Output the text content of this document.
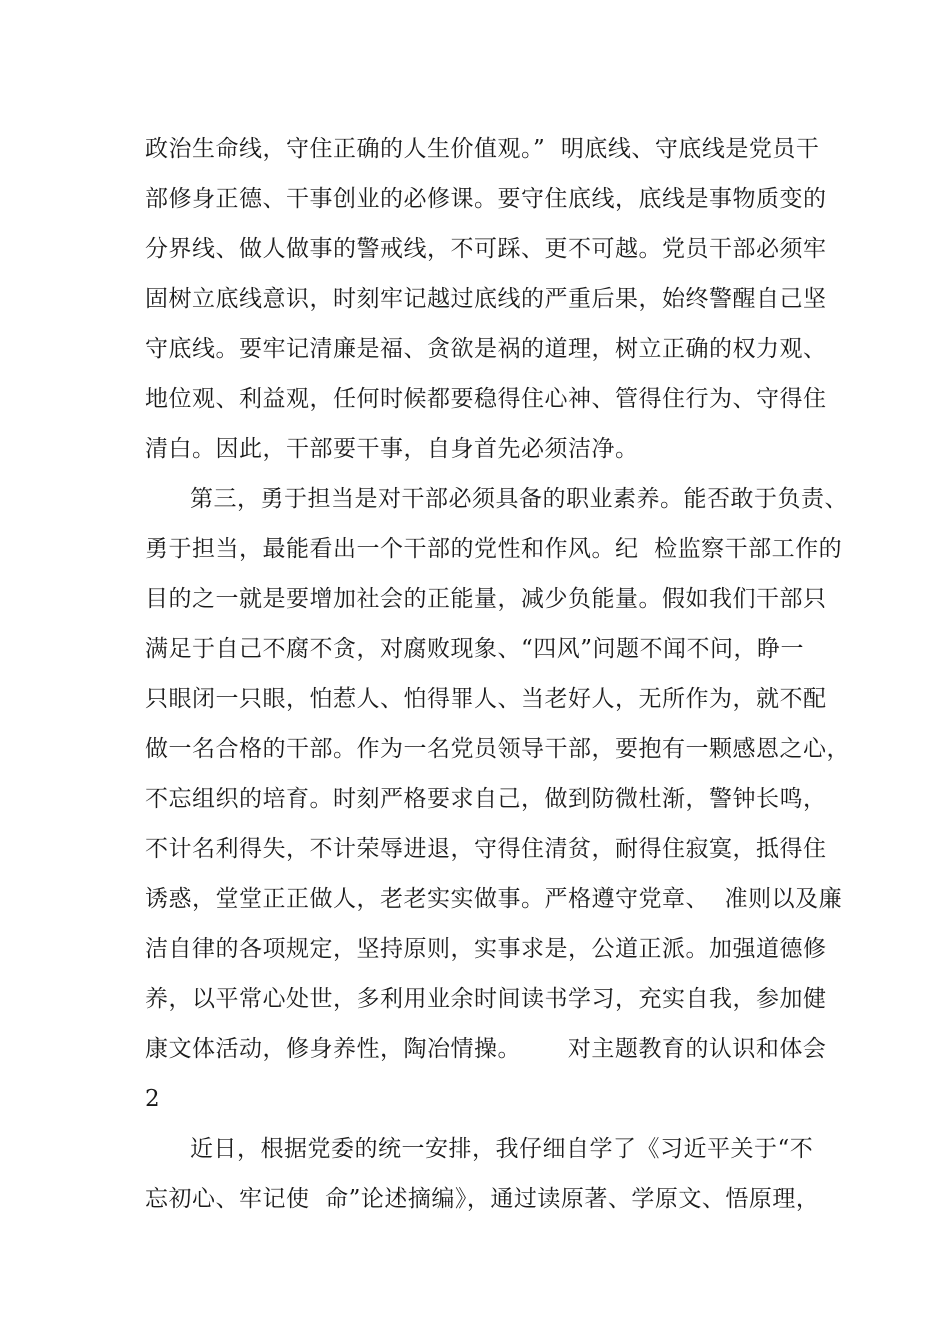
政治生命线，守住正确的人生价值观。”  明底线、守底线是党员干
部修身正德、干事创业的必修课。要守住底线，底线是事物质变的
分界线、做人做事的警戒线，不可踩、更不可越。党员干部必须牢
固树立底线意识，时刻牢记越过底线的严重后果，始终警醒自己坚
守底线。要牢记清廉是福、贪欲是祸的道理，树立正确的权力观、
地位观、利益观，任何时候都要稳得住心神、管得住行为、守得住
清白。因此，干部要干事，自身首先必须洁净。
第三，勇于担当是对干部必须具备的职业素养。能否敢于负责、
勇于担当，最能看出一个干部的党性和作风。纪  检监察干部工作的
目的之一就是要增加社会的正能量，减少负能量。假如我们干部只
满足于自己不腐不贪，对腐败现象、“四风”问题不闻不问，睁一
只眼闭一只眼，怕惹人、怕得罪人、当老好人，无所作为，就不配
做一名合格的干部。作为一名党员领导干部，要抱有一颗感恩之心，
不忘组织的培育。时刻严格要求自己，做到防微杜渐，警钟长鸣，
不计名利得失，不计荣辱进退，守得住清贫，耐得住寂寞，抵得住
诱惑，堂堂正正做人，老老实实做事。严格遵守党章、  准则以及廉
洁自律的各项规定，坚持原则，实事求是，公道正派。加强道德修
养，以平常心处世，多利用业余时间读书学习，充实自我，参加健
康文体活动，修身养性，陶冶情操。      对主题教育的认识和体会
2
近日，根据党委的统一安排，我仔细自学了《习近平关于“不
忘初心、牢记使  命”论述摘编》，通过读原著、学原文、悟原理，
